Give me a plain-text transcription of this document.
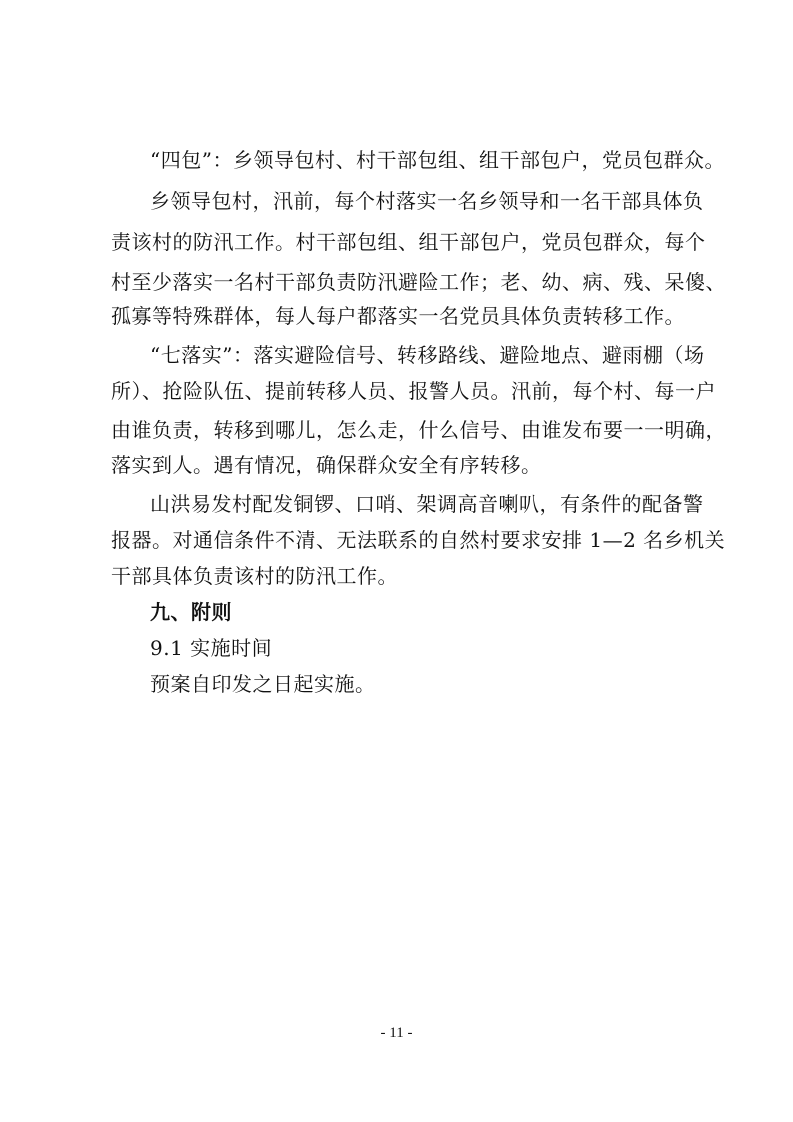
“四包”：乡领导包村、村干部包组、组干部包户，党员包群众。
乡领导包村，汛前，每个村落实一名乡领导和一名干部具体负
责该村的防汛工作。村干部包组、组干部包户，党员包群众，每个
村至少落实一名村干部负责防汛避险工作；老、幼、病、残、呆傻、
孤寡等特殊群体，每人每户都落实一名党员具体负责转移工作。
“七落实”：落实避险信号、转移路线、避险地点、避雨棚（场
所）、抢险队伍、提前转移人员、报警人员。汛前，每个村、每一户
由谁负责，转移到哪儿，怎么走，什么信号、由谁发布要一一明确，
落实到人。遇有情况，确保群众安全有序转移。
山洪易发村配发铜锣、口哨、架调高音喇叭，有条件的配备警
报器。对通信条件不清、无法联系的自然村要求安排 1—2 名乡机关
干部具体负责该村的防汛工作。
九、附则
9.1 实施时间
预案自印发之日起实施。
- 11 -
